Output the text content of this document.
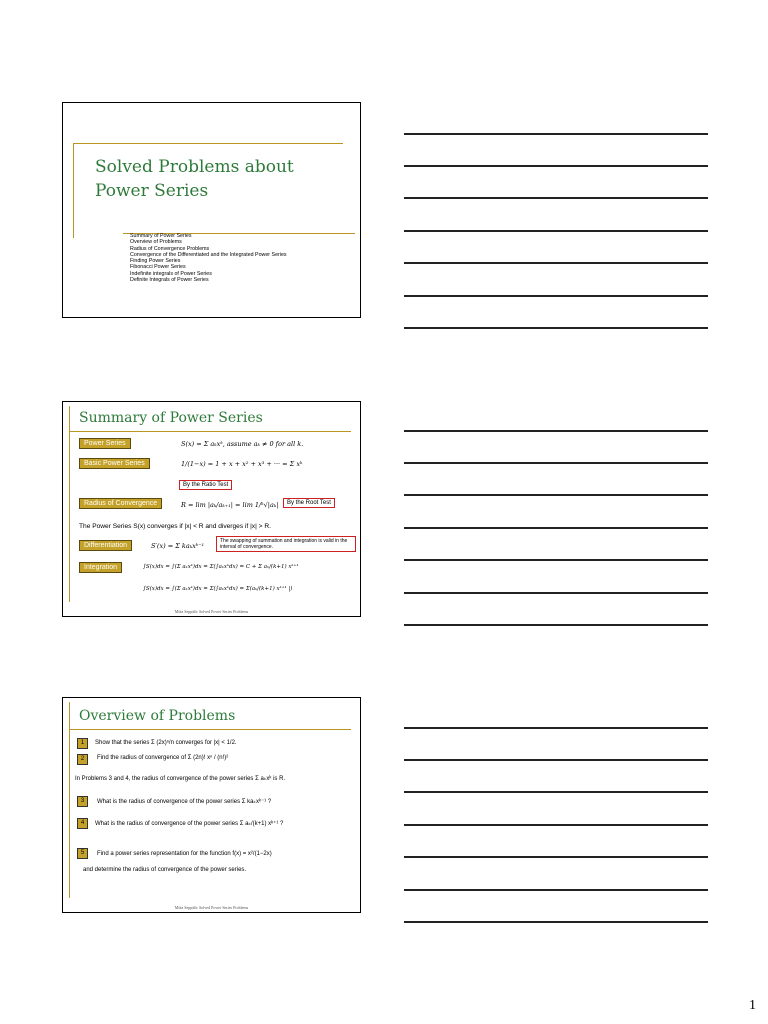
Solved Problems about
Power Series
Summary of Power Series
Overview of Problems
Radius of Convergence Problems
Convergence of the Differentiated and the Integrated Power Series
Finding Power Series
Fibonacci Power Series
Indefinite integrals of Power Series
Definite Integrals of Power Series
Summary of Power Series
Power Series	S(x) = Σ aₖxᵏ, assume aₖ ≠ 0 for all k.
Basic Power Series	1/(1−x) = 1 + x + x² + x³ + ··· = Σ xᵏ
By the Ratio Test
Radius of Convergence	R = lim |aₖ/aₖ₊₁| = lim 1/ᵏ√|aₖ|	By the Root Test
The Power Series S(x) converges if |x| < R and diverges if |x| > R.
Differentiation	S′(x) = Σ kaₖxᵏ⁻¹
The swapping of summation and integration is valid in the interval of convergence.
Integration	∫S(x)dx = ∫(Σ aₖxᵏ)dx = Σ(∫aₖxᵏdx) = C + Σ aₖ/(k+1) xᵏ⁺¹
∫S(x)dx = ∫(Σ aₖxᵏ)dx = Σ(∫aₖxᵏdx) = Σ(aₖ/(k+1) xᵏ⁺¹ |)
Mika Seppälä: Solved Power Series Problems
Overview of Problems
1	Show that the series Σ (2x)ⁿ/n converges for |x| < 1/2.
2	Find the radius of convergence of Σ (2n)! xⁿ / (n!)²
In Problems 3 and 4, the radius of convergence of the power series Σ aₖxᵏ is R.
3	What is the radius of convergence of the power series Σ kaₖxᵏ⁻¹ ?
4	What is the radius of convergence of the power series Σ aₖ/(k+1) xᵏ⁺¹ ?
5	Find a power series representation for the function f(x) = x²/(1−2x)
and determine the radius of convergence of the power series.
Mika Seppälä: Solved Power Series Problems
1
